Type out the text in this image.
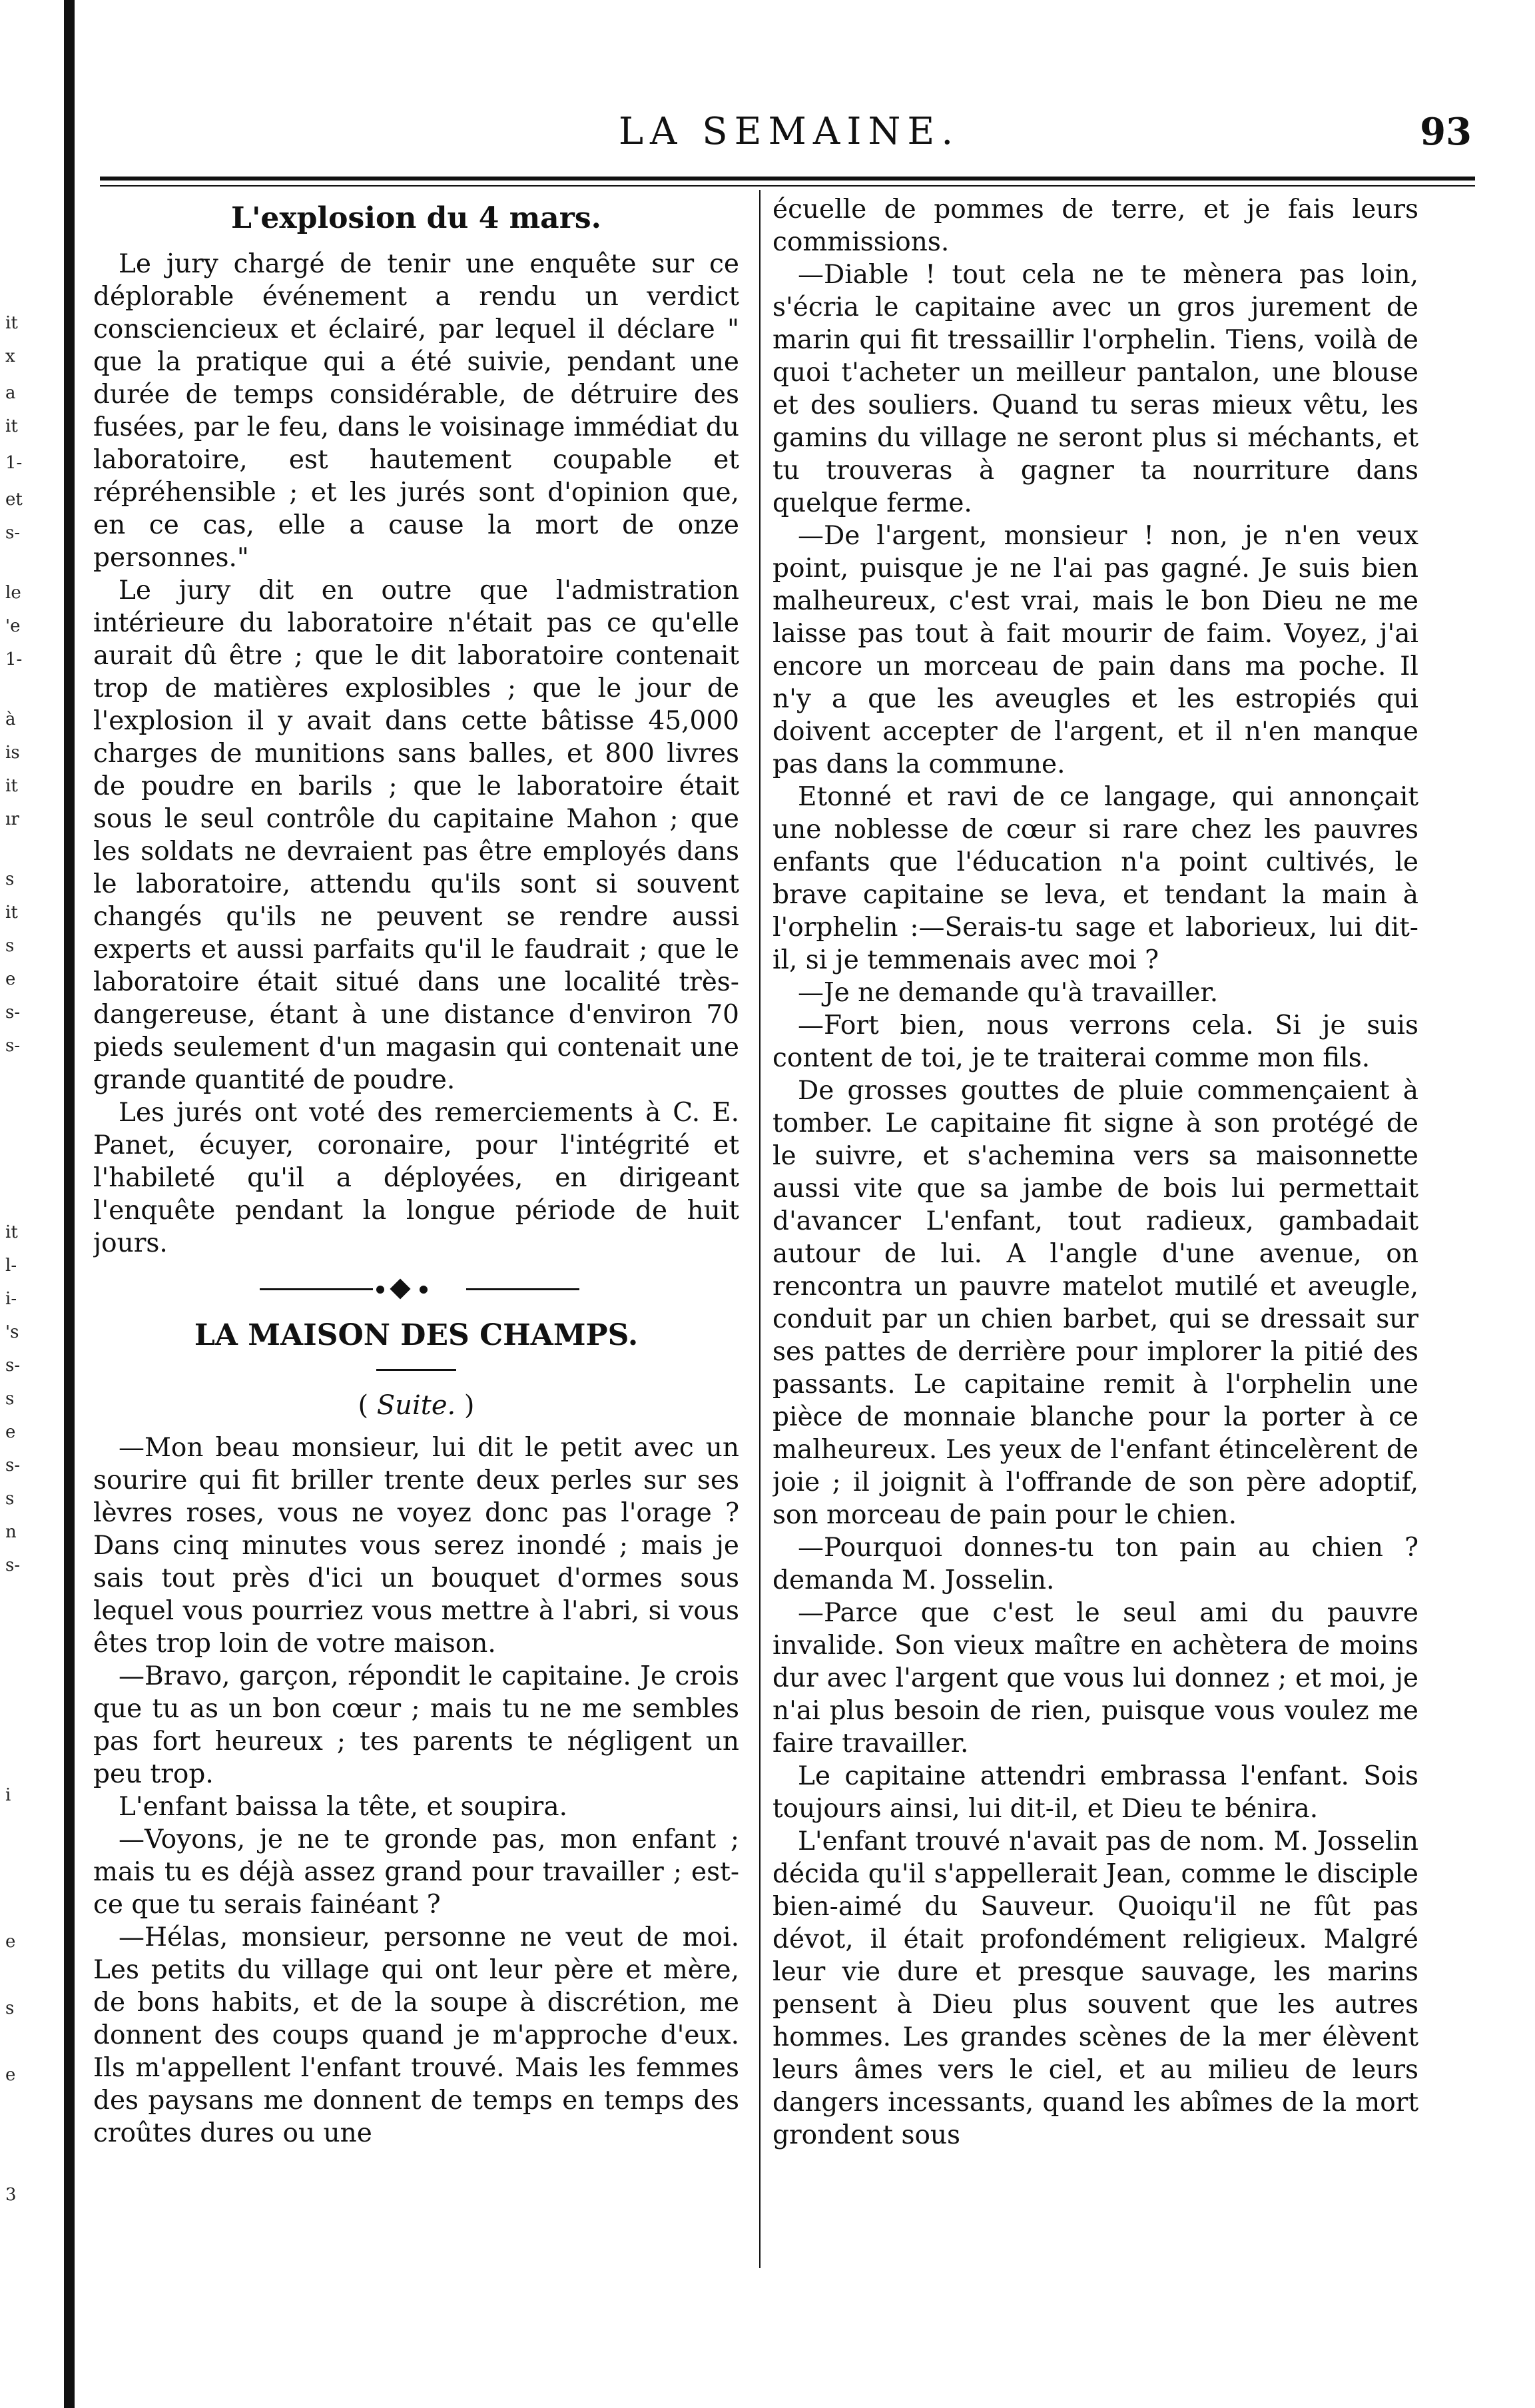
it
x
a
it
1-
et
s-
le
'e
1-
à
is
it
ır
s
it
s
e
s-
s-
it
l-
i-
's
s-
s
e
s-
s
n
s-
i
e
s
e
3
LA SEMAINE.	93
L'explosion du 4 mars.

Le jury chargé de tenir une enquête sur ce déplorable événement a rendu un verdict consciencieux et éclairé, par lequel il déclare " que la pratique qui a été suivie, pendant une durée de temps considérable, de détruire des fusées, par le feu, dans le voisinage immédiat du laboratoire, est hautement coupable et répréhensible ; et les jurés sont d'opinion que, en ce cas, elle a cause la mort de onze personnes."

Le jury dit en outre que l'admistration intérieure du laboratoire n'était pas ce qu'elle aurait dû être ; que le dit laboratoire contenait trop de matières explosibles ; que le jour de l'explosion il y avait dans cette bâtisse 45,000 charges de munitions sans balles, et 800 livres de poudre en barils ; que le laboratoire était sous le seul contrôle du capitaine Mahon ; que les soldats ne devraient pas être employés dans le laboratoire, attendu qu'ils sont si souvent changés qu'ils ne peuvent se rendre aussi experts et aussi parfaits qu'il le faudrait ; que le laboratoire était situé dans une localité très-dangereuse, étant à une distance d'environ 70 pieds seulement d'un magasin qui contenait une grande quantité de poudre.

Les jurés ont voté des remerciements à C. E. Panet, écuyer, coronaire, pour l'intégrité et l'habileté qu'il a déployées, en dirigeant l'enquête pendant la longue période de huit jours.

LA MAISON DES CHAMPS.
( Suite. )

—Mon beau monsieur, lui dit le petit avec un sourire qui fit briller trente deux perles sur ses lèvres roses, vous ne voyez donc pas l'orage ? Dans cinq minutes vous serez inondé ; mais je sais tout près d'ici un bouquet d'ormes sous lequel vous pourriez vous mettre à l'abri, si vous êtes trop loin de votre maison.

—Bravo, garçon, répondit le capitaine. Je crois que tu as un bon cœur ; mais tu ne me sembles pas fort heureux ; tes parents te négligent un peu trop.

L'enfant baissa la tête, et soupira.

—Voyons, je ne te gronde pas, mon enfant ; mais tu es déjà assez grand pour travailler ; est-ce que tu serais fainéant ?

—Hélas, monsieur, personne ne veut de moi. Les petits du village qui ont leur père et mère, de bons habits, et de la soupe à discrétion, me donnent des coups quand je m'approche d'eux. Ils m'appellent l'enfant trouvé. Mais les femmes des paysans me donnent de temps en temps des croûtes dures ou une

écuelle de pommes de terre, et je fais leurs commissions.

—Diable ! tout cela ne te mènera pas loin, s'écria le capitaine avec un gros jurement de marin qui fit tressaillir l'orphelin. Tiens, voilà de quoi t'acheter un meilleur pantalon, une blouse et des souliers. Quand tu seras mieux vêtu, les gamins du village ne seront plus si méchants, et tu trouveras à gagner ta nourriture dans quelque ferme.

—De l'argent, monsieur ! non, je n'en veux point, puisque je ne l'ai pas gagné. Je suis bien malheureux, c'est vrai, mais le bon Dieu ne me laisse pas tout à fait mourir de faim. Voyez, j'ai encore un morceau de pain dans ma poche. Il n'y a que les aveugles et les estropiés qui doivent accepter de l'argent, et il n'en manque pas dans la commune.

Etonné et ravi de ce langage, qui annonçait une noblesse de cœur si rare chez les pauvres enfants que l'éducation n'a point cultivés, le brave capitaine se leva, et tendant la main à l'orphelin :—Serais-tu sage et laborieux, lui dit-il, si je temmenais avec moi ?

—Je ne demande qu'à travailler.

—Fort bien, nous verrons cela. Si je suis content de toi, je te traiterai comme mon fils.

De grosses gouttes de pluie commençaient à tomber. Le capitaine fit signe à son protégé de le suivre, et s'achemina vers sa maisonnette aussi vite que sa jambe de bois lui permettait d'avancer L'enfant, tout radieux, gambadait autour de lui. A l'angle d'une avenue, on rencontra un pauvre matelot mutilé et aveugle, conduit par un chien barbet, qui se dressait sur ses pattes de derrière pour implorer la pitié des passants. Le capitaine remit à l'orphelin une pièce de monnaie blanche pour la porter à ce malheureux. Les yeux de l'enfant étincelèrent de joie ; il joignit à l'offrande de son père adoptif, son morceau de pain pour le chien.

—Pourquoi donnes-tu ton pain au chien ? demanda M. Josselin.

—Parce que c'est le seul ami du pauvre invalide. Son vieux maître en achètera de moins dur avec l'argent que vous lui donnez ; et moi, je n'ai plus besoin de rien, puisque vous voulez me faire travailler.

Le capitaine attendri embrassa l'enfant. Sois toujours ainsi, lui dit-il, et Dieu te bénira.

L'enfant trouvé n'avait pas de nom. M. Josselin décida qu'il s'appellerait Jean, comme le disciple bien-aimé du Sauveur. Quoiqu'il ne fût pas dévot, il était profondément religieux. Malgré leur vie dure et presque sauvage, les marins pensent à Dieu plus souvent que les autres hommes. Les grandes scènes de la mer élèvent leurs âmes vers le ciel, et au milieu de leurs dangers incessants, quand les abîmes de la mort grondent sous
